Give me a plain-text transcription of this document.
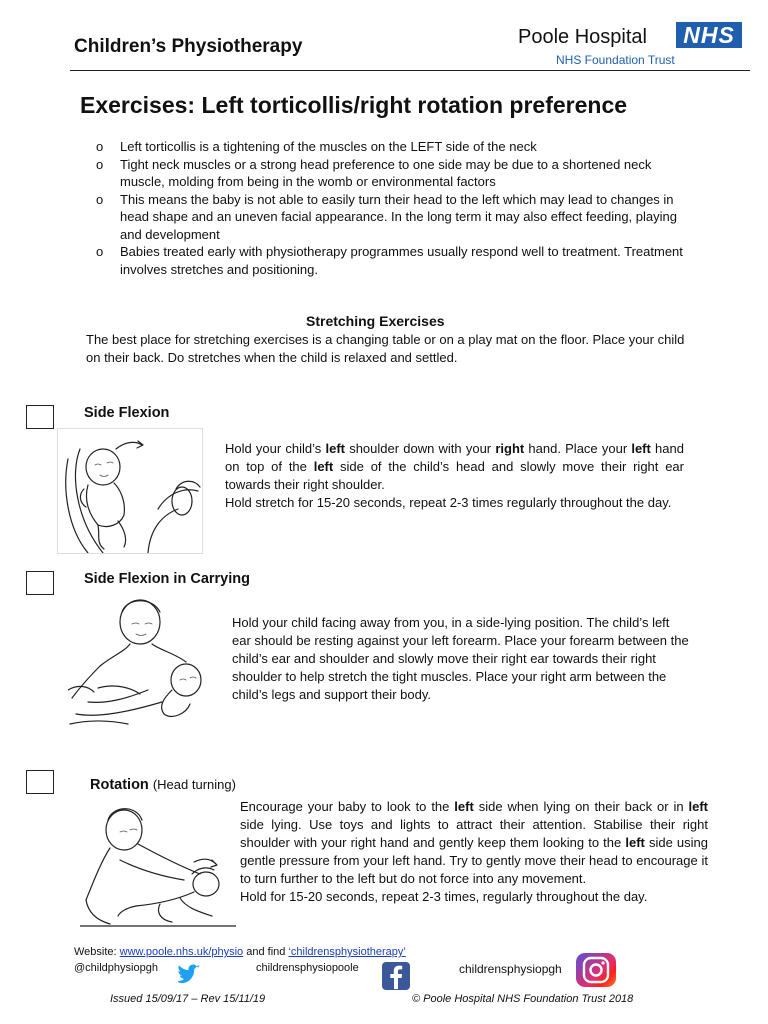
Children’s Physiotherapy	Poole Hospital	NHS
NHS Foundation Trust
Exercises: Left torticollis/right rotation preference
o Left torticollis is a tightening of the muscles on the LEFT side of the neck
o Tight neck muscles or a strong head preference to one side may be due to a shortened neck muscle, molding from being in the womb or environmental factors
o This means the baby is not able to easily turn their head to the left which may lead to changes in head shape and an uneven facial appearance. In the long term it may also effect feeding, playing and development
o Babies treated early with physiotherapy programmes usually respond well to treatment. Treatment involves stretches and positioning.
Stretching Exercises
The best place for stretching exercises is a changing table or on a play mat on the floor. Place your child on their back. Do stretches when the child is relaxed and settled.
Side Flexion
Hold your child’s left shoulder down with your right hand. Place your left hand on top of the left side of the child’s head and slowly move their right ear towards their right shoulder.
Hold stretch for 15-20 seconds, repeat 2-3 times regularly throughout the day.
Side Flexion in Carrying
Hold your child facing away from you, in a side-lying position. The child’s left ear should be resting against your left forearm. Place your forearm between the child’s ear and shoulder and slowly move their right ear towards their right shoulder to help stretch the tight muscles. Place your right arm between the child’s legs and support their body.
Rotation (Head turning)
Encourage your baby to look to the left side when lying on their back or in left side lying. Use toys and lights to attract their attention. Stabilise their right shoulder with your right hand and gently keep them looking to the left side using gentle pressure from your left hand. Try to gently move their head to encourage it to turn further to the left but do not force into any movement.
Hold for 15-20 seconds, repeat 2-3 times, regularly throughout the day.
Website: www.poole.nhs.uk/physio and find ‘childrensphysiotherapy’
@childphysiopgh	childrensphysiopoole	childrensphysiopgh
Issued 15/09/17 – Rev 15/11/19	© Poole Hospital NHS Foundation Trust 2018
